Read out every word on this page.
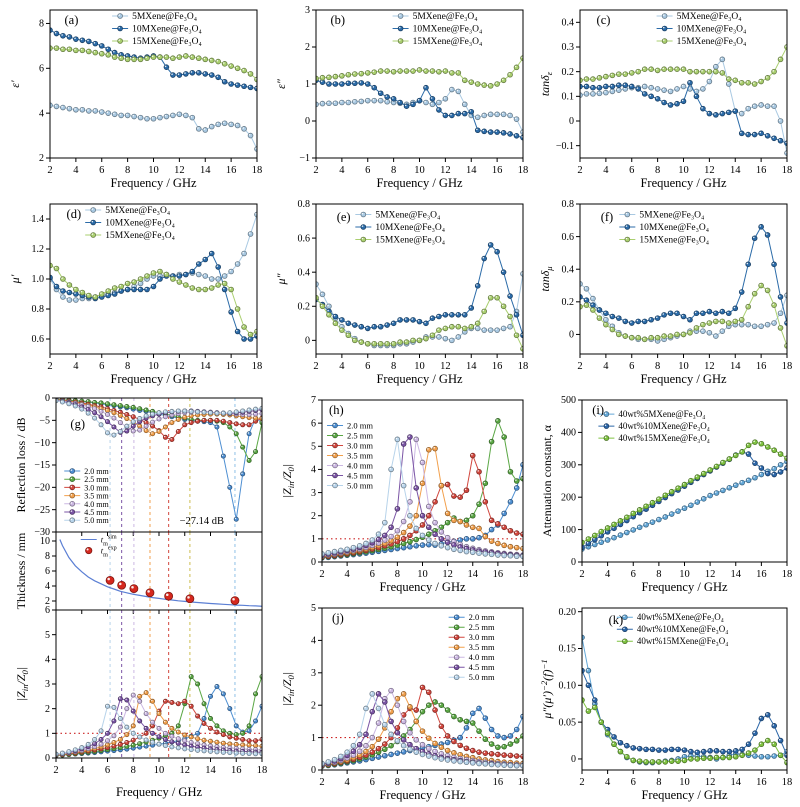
2
4
6
8
2 4 6 8 10 12 14 16 18
ε′
5MXene@Fe₃O₄
10MXene@Fe₃O₄
15MXene@Fe₃O₄
(a)
Frequency / GHz
−1
0
1
2
3
2 4 6 8 10 12 14 16 18
ε″
5MXene@Fe₃O₄
10MXene@Fe₃O₄
15MXene@Fe₃O₄
(b)
Frequency / GHz
−0.1
0
0.1
0.2
0.3
0.4
2 4 6 8 10 12 14 16 18
tanδ$_\varepsilon$
5MXene@Fe₃O₄
10MXene@Fe₃O₄
15MXene@Fe₃O₄
(c)
Frequency / GHz
0.6
0.8
1.0
1.2
1.4
2 4 6 8 10 12 14 16 18
μ′
5MXene@Fe₃O₄
10MXene@Fe₃O₄
15MXene@Fe₃O₄
(d)
Frequency / GHz
0
0.2
0.4
0.6
0.8
2 4 6 8 10 12 14 16 18
μ″
5MXene@Fe₃O₄
10MXene@Fe₃O₄
15MXene@Fe₃O₄
(e)
Frequency / GHz
0
0.2
0.4
0.6
0.8
2 4 6 8 10 12 14 16 18
tanδ$_\mu$
5MXene@Fe₃O₄
10MXene@Fe₃O₄
15MXene@Fe₃O₄
(f)
Frequency / GHz
0
−5
−10
−15
−20
−25
−30
Reflection loss / dB	2.0 mm
2.5 mm
3.0 mm
3.5 mm
4.0 mm
4.5 mm
5.0 mm
(g)
−27.14 dB
2
4
6
8
10
Thickness / mm	$t_m^{sim}$
$t_m^{exp}$
0
1
2
3
4
5
6
2 4 6 8 10 12 14 16 18
$|Z_{in}/Z_0|$
Frequency / GHz
0
1
2
3
4
5
6
7
2 4 6 8 10 12 14 16 18
$|Z_{in}/Z_0|$
2.0 mm
2.5 mm
3.0 mm
3.5 mm
4.0 mm
4.5 mm
5.0 mm
(h)
Frequency / GHz
0
100
200
300
400
500
2 4 6 8 10 12 14 16 18
Attenuation constant, α
40wt%5MXene@Fe₃O₄
40wt%10MXene@Fe₃O₄
40wt%15MXene@Fe₃O₄
(i)
Frequency / GHz
0
1
2
3
4
5
2 4 6 8 10 12 14 16 18
$|Z_{in}/Z_0|$
2.0 mm
2.5 mm
3.0 mm
3.5 mm
4.0 mm
4.5 mm
5.0 mm
(j)
Frequency / GHz
0
0.05
0.10
0.15
0.20
2 4 6 8 10 12 14 16 18
$\mu''(\mu')^{-2}(f)^{-1}$
40wt%5MXene@Fe₃O₄
40wt%10MXene@Fe₃O₄
40wt%15MXene@Fe₃O₄
(k)
Frequency / GHz
